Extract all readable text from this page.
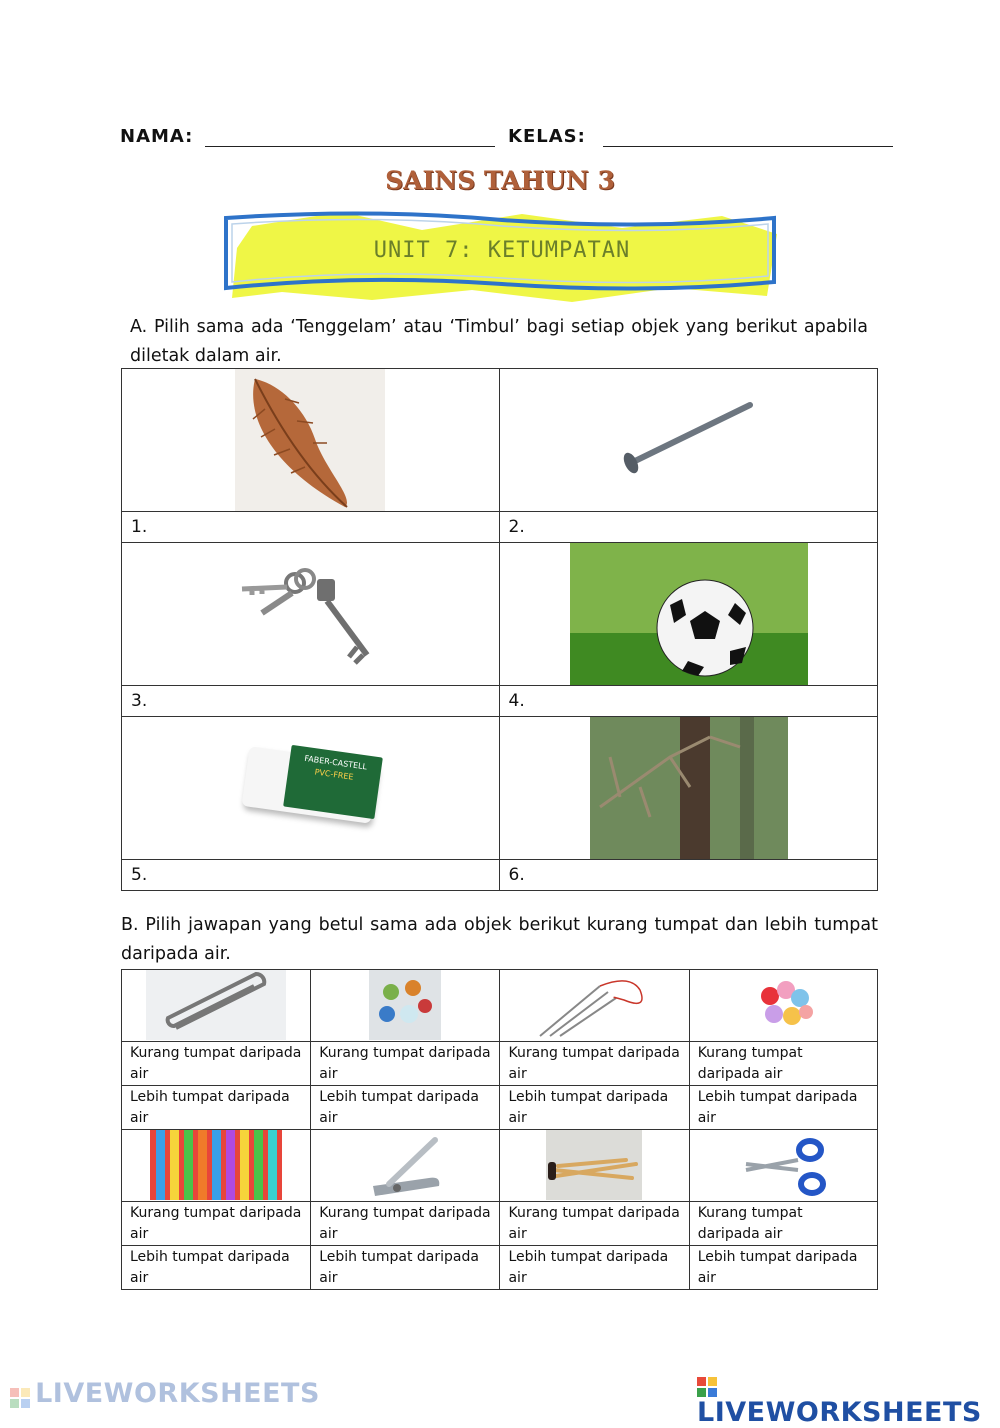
NAMA:	KELAS:
SAINS TAHUN 3
UNIT 7: KETUMPATAN
A. Pilih sama ada ‘Tenggelam’ atau ‘Timbul’ bagi setiap objek yang berikut apabila diletak dalam air.

1.	2.

3.	4.

FABER-CASTELL
PVC-FREE

5.	6.
B. Pilih jawapan yang betul sama ada objek berikut kurang tumpat dan lebih tumpat daripada air.

Kurang tumpat daripada air	Kurang tumpat daripada air	Kurang tumpat daripada air	Kurang tumpat daripada air
Lebih tumpat daripada air	Lebih tumpat daripada air	Lebih tumpat daripada air	Lebih tumpat daripada air

Kurang tumpat daripada air	Kurang tumpat daripada air	Kurang tumpat daripada air	Kurang tumpat daripada air
Lebih tumpat daripada air	Lebih tumpat daripada air	Lebih tumpat daripada air	Lebih tumpat daripada air
LIVEWORKSHEETS
LIVEWORKSHEETS
